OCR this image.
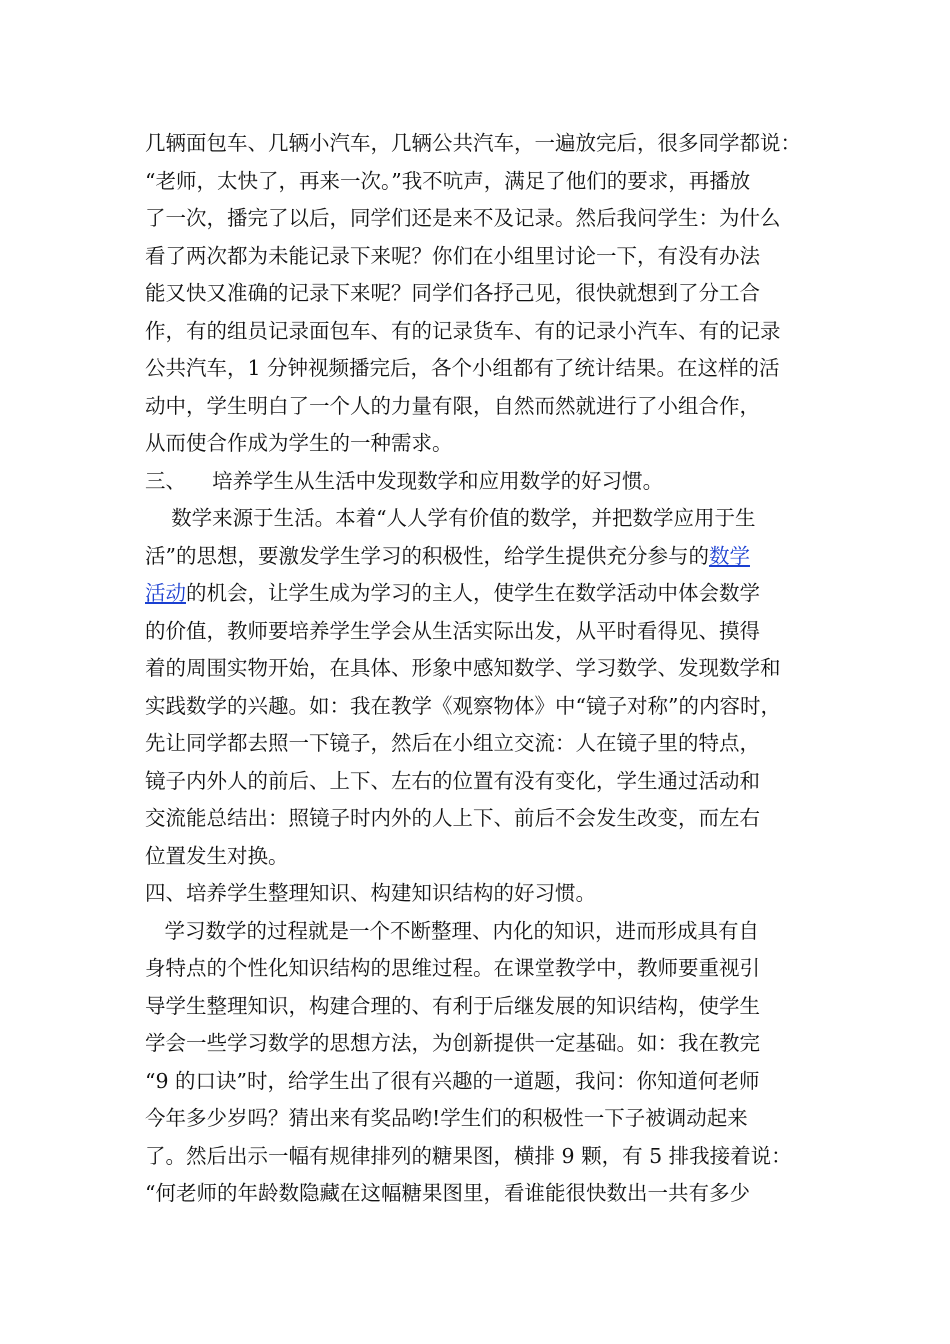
几辆面包车、几辆小汽车，几辆公共汽车，一遍放完后，很多同学都说：
“老师，太快了，再来一次。”我不吭声，满足了他们的要求，再播放
了一次，播完了以后，同学们还是来不及记录。然后我问学生：为什么
看了两次都为未能记录下来呢？你们在小组里讨论一下，有没有办法
能又快又准确的记录下来呢？同学们各抒己见，很快就想到了分工合
作，有的组员记录面包车、有的记录货车、有的记录小汽车、有的记录
公共汽车，1 分钟视频播完后，各个小组都有了统计结果。在这样的活
动中，学生明白了一个人的力量有限，自然而然就进行了小组合作，
从而使合作成为学生的一种需求。
三、    培养学生从生活中发现数学和应用数学的好习惯。
数学来源于生活。本着“人人学有价值的数学，并把数学应用于生
活”的思想，要激发学生学习的积极性，给学生提供充分参与的数学
活动的机会，让学生成为学习的主人，使学生在数学活动中体会数学
的价值，教师要培养学生学会从生活实际出发，从平时看得见、摸得
着的周围实物开始，在具体、形象中感知数学、学习数学、发现数学和
实践数学的兴趣。如：我在教学《观察物体》中“镜子对称”的内容时，
先让同学都去照一下镜子，然后在小组立交流：人在镜子里的特点，
镜子内外人的前后、上下、左右的位置有没有变化，学生通过活动和
交流能总结出：照镜子时内外的人上下、前后不会发生改变，而左右
位置发生对换。
四、培养学生整理知识、构建知识结构的好习惯。
学习数学的过程就是一个不断整理、内化的知识，进而形成具有自
身特点的个性化知识结构的思维过程。在课堂教学中，教师要重视引
导学生整理知识，构建合理的、有利于后继发展的知识结构，使学生
学会一些学习数学的思想方法，为创新提供一定基础。如：我在教完
“9 的口诀”时，给学生出了很有兴趣的一道题，我问：你知道何老师
今年多少岁吗？猜出来有奖品哟!学生们的积极性一下子被调动起来
了。然后出示一幅有规律排列的糖果图，横排 9 颗，有 5 排我接着说：
“何老师的年龄数隐藏在这幅糖果图里，看谁能很快数出一共有多少
